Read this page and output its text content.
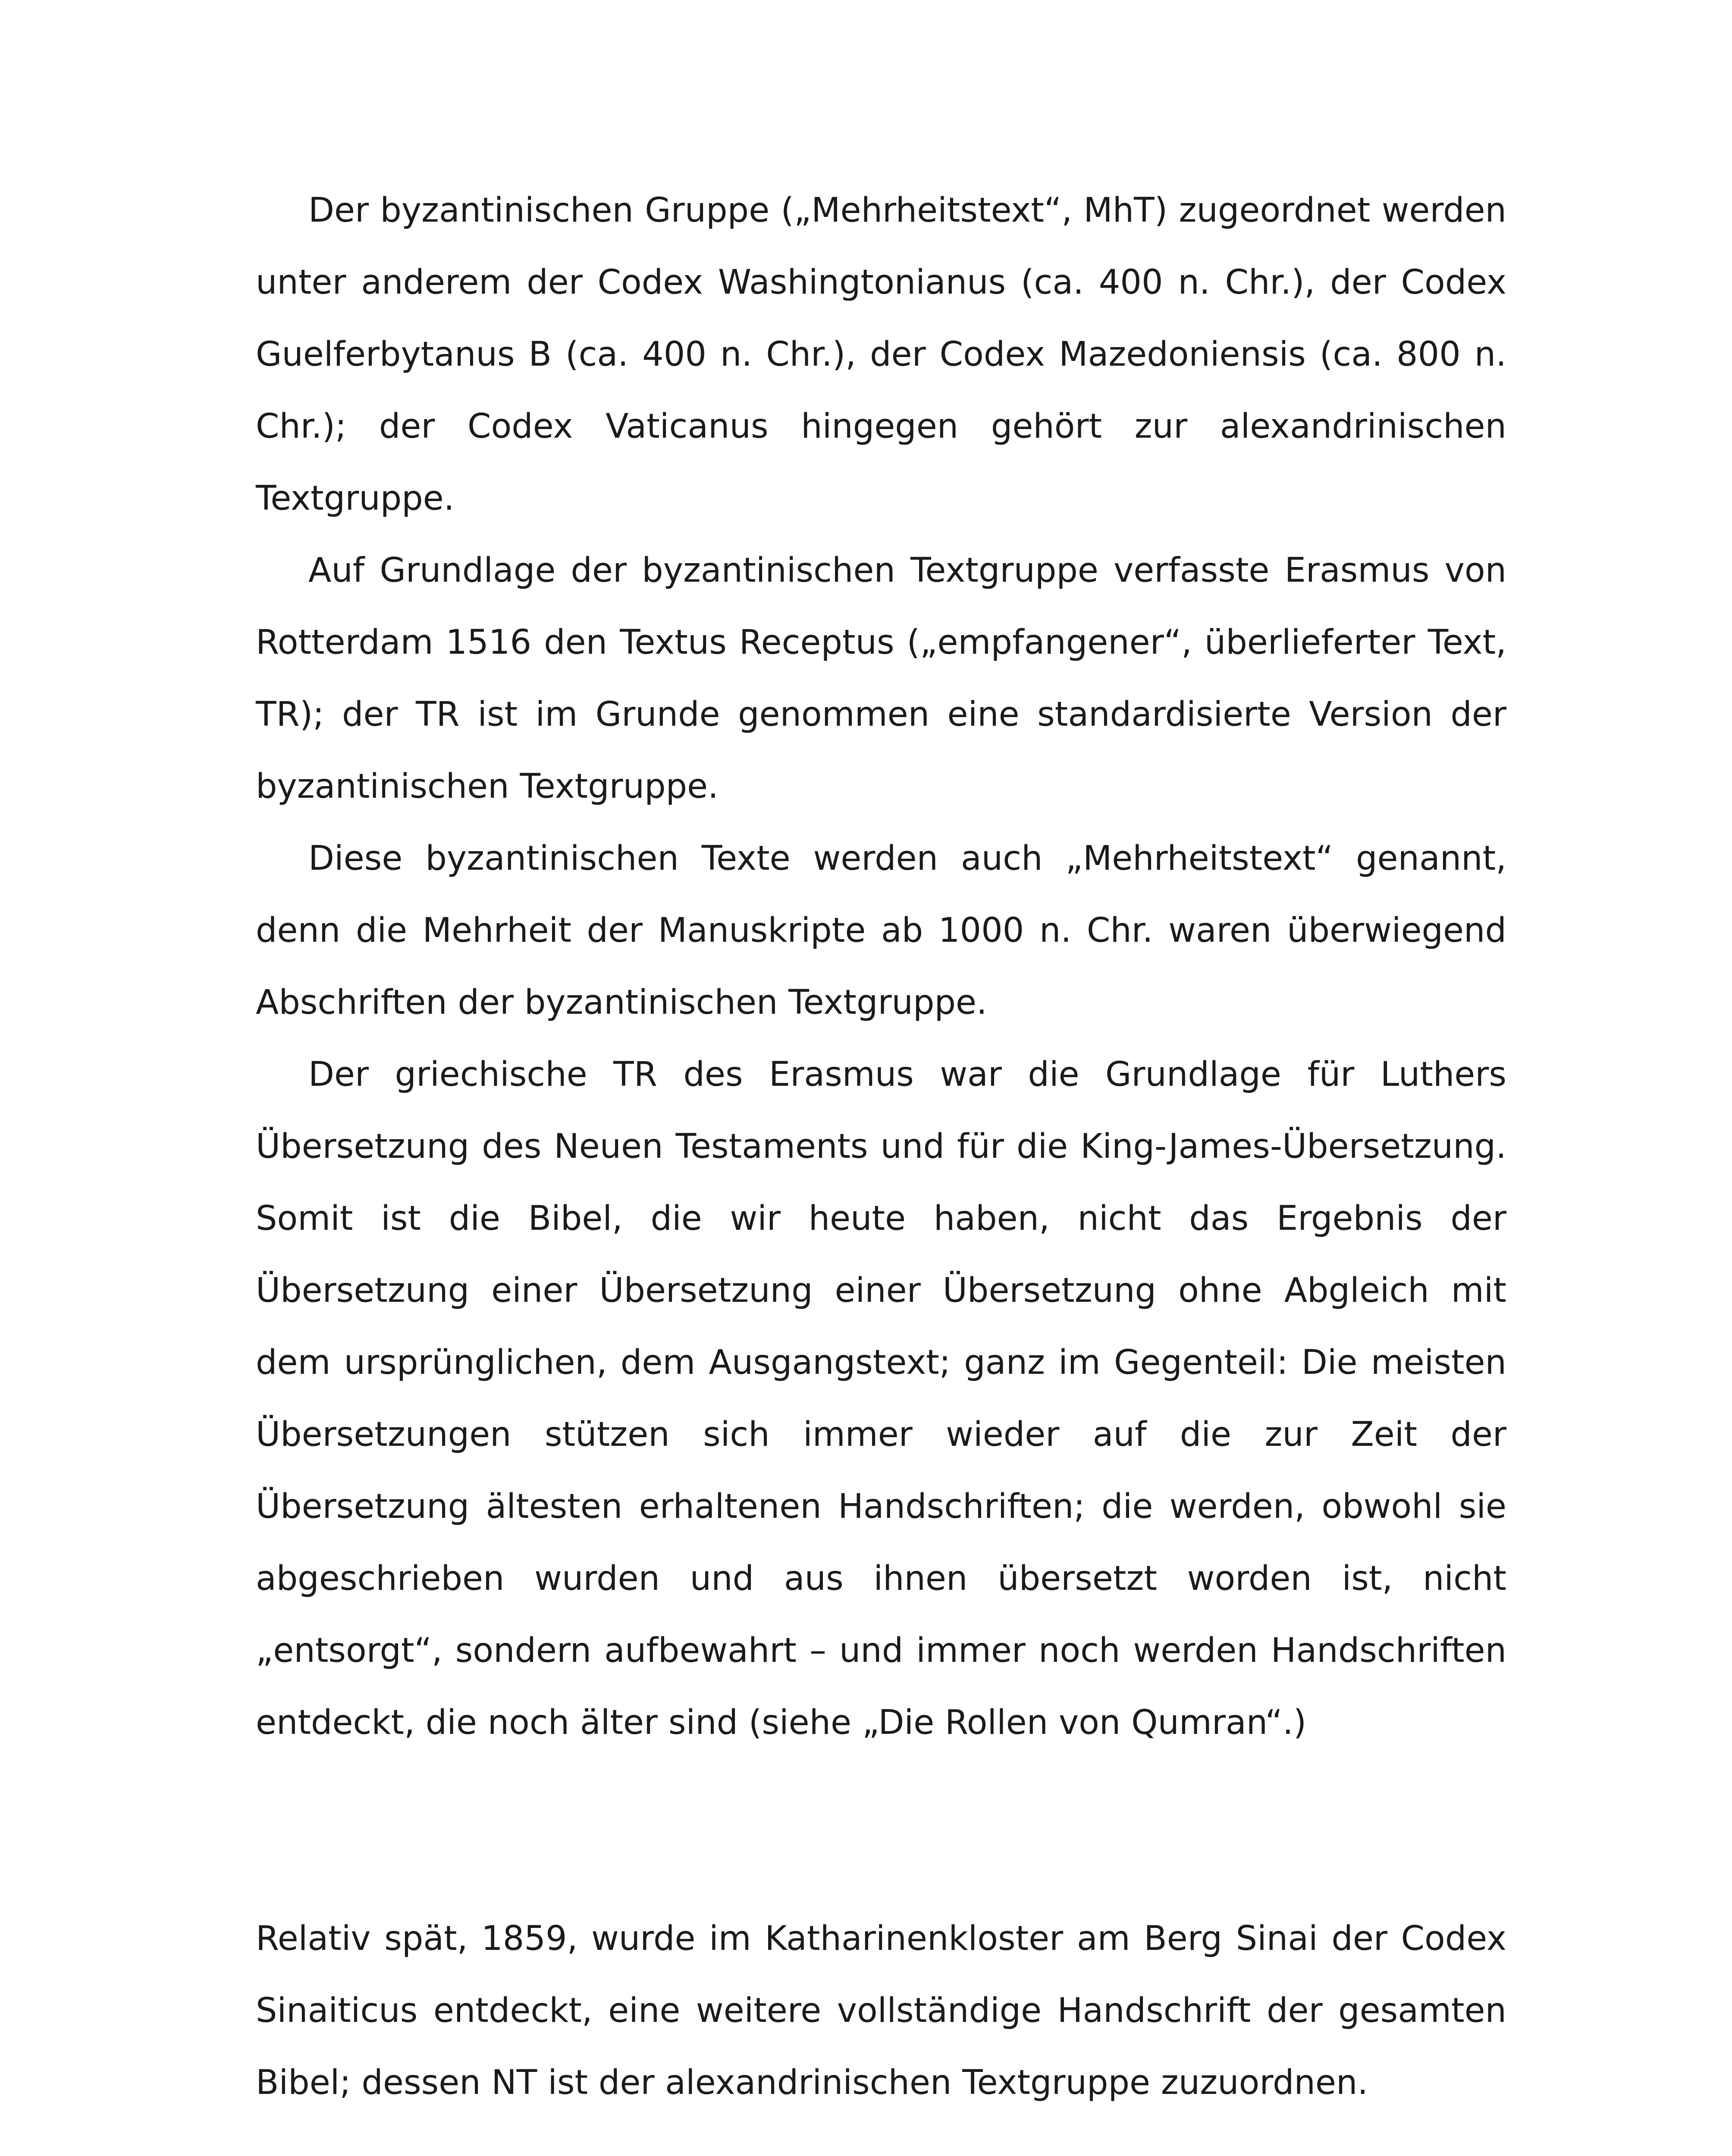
Der byzantinischen Gruppe („Mehrheitstext“, MhT) zugeordnet werden unter anderem der Codex Washingtonianus (ca. 400 n. Chr.), der Codex Guelferbytanus B (ca. 400 n. Chr.), der Codex Mazedoniensis (ca. 800 n. Chr.); der Codex Vaticanus hingegen gehört zur alexandrinischen Textgruppe.

Auf Grundlage der byzantinischen Textgruppe verfasste Erasmus von Rotterdam 1516 den Textus Receptus („empfangener“, überlieferter Text, TR); der TR ist im Grunde genommen eine standardisierte Version der byzantinischen Textgruppe.

Diese byzantinischen Texte werden auch „Mehrheitstext“ genannt, denn die Mehrheit der Manuskripte ab 1000 n. Chr. waren überwiegend Abschriften der byzantinischen Textgruppe.

Der griechische TR des Erasmus war die Grundlage für Luthers Übersetzung des Neuen Testaments und für die King-James-Übersetzung. Somit ist die Bibel, die wir heute haben, nicht das Ergebnis der Übersetzung einer Übersetzung einer Übersetzung ohne Abgleich mit dem ursprünglichen, dem Ausgangstext; ganz im Gegenteil: Die meisten Übersetzungen stützen sich immer wieder auf die zur Zeit der Übersetzung ältesten erhaltenen Handschriften; die werden, obwohl sie abgeschrieben wurden und aus ihnen übersetzt worden ist, nicht „entsorgt“, sondern aufbewahrt – und immer noch werden Handschriften entdeckt, die noch älter sind (siehe „Die Rollen von Qumran“.)

Relativ spät, 1859, wurde im Katharinenkloster am Berg Sinai der Codex Sinaiticus entdeckt, eine weitere vollständige Handschrift der gesamten Bibel; dessen NT ist der alexandrinischen Textgruppe zuzuordnen.
